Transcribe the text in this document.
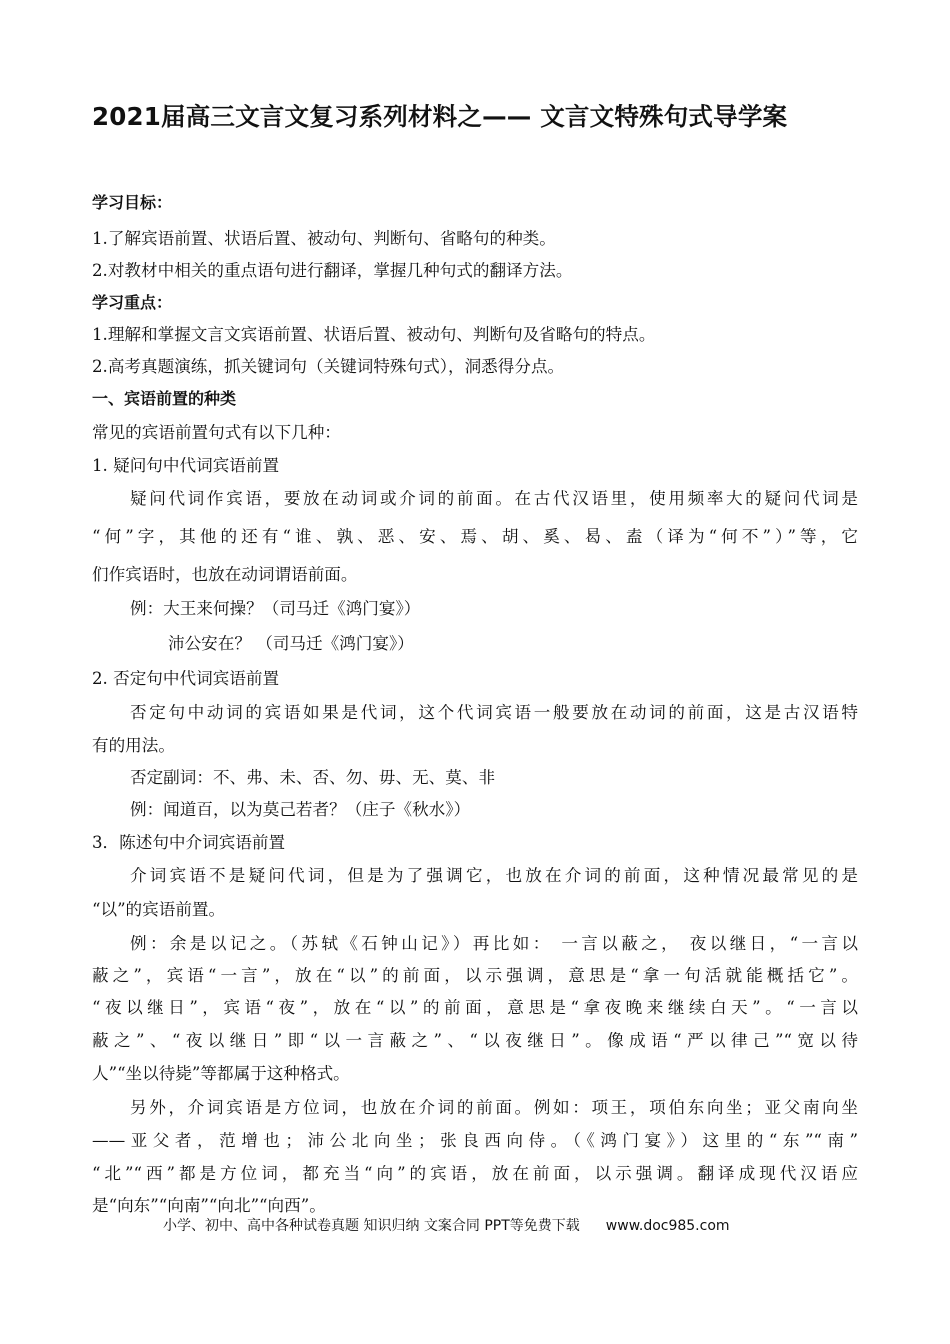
2021届高三文言文复习系列材料之—— 文言文特殊句式导学案
学习目标：
1.了解宾语前置、状语后置、被动句、判断句、省略句的种类。
2.对教材中相关的重点语句进行翻译，掌握几种句式的翻译方法。
学习重点：
1.理解和掌握文言文宾语前置、状语后置、被动句、判断句及省略句的特点。
2.高考真题演练，抓关键词句（关键词特殊句式），洞悉得分点。
一、宾语前置的种类
常见的宾语前置句式有以下几种：
1. 疑问句中代词宾语前置
疑问代词作宾语，要放在动词或介词的前面。在古代汉语里，使用频率大的疑问代词是
“何”字，其他的还有“谁、孰、恶、安、焉、胡、奚、曷、盍（译为“何不”）”等，它
们作宾语时，也放在动词谓语前面。
例：大王来何操？（司马迁《鸿门宴》）
沛公安在？ （司马迁《鸿门宴》）
2. 否定句中代词宾语前置
否定句中动词的宾语如果是代词，这个代词宾语一般要放在动词的前面，这是古汉语特
有的用法。
否定副词：不、弗、未、否、勿、毋、无、莫、非
例：闻道百，以为莫己若者？（庄子《秋水》）
3．陈述句中介词宾语前置
介词宾语不是疑问代词，但是为了强调它，也放在介词的前面，这种情况最常见的是
“以”的宾语前置。
例：余是以记之。（苏轼《石钟山记》）再比如： 一言以蔽之， 夜以继日，“一言以
蔽之”，宾语“一言”，放在“以”的前面，以示强调，意思是“拿一句活就能概括它”。
“夜以继日”，宾语“夜”，放在“以”的前面，意思是“拿夜晚来继续白天”。“一言以
蔽之”、“夜以继日”即“以一言蔽之”、“以夜继日”。像成语“严以律己”“宽以待
人”“坐以待毙”等都属于这种格式。
另外，介词宾语是方位词，也放在介词的前面。例如：项王，项伯东向坐；亚父南向坐
——亚父者，范增也；沛公北向坐；张良西向侍。（《鸿门宴》）这里的“东”“南”
“北”“西”都是方位词，都充当“向”的宾语，放在前面，以示强调。翻译成现代汉语应
是“向东”“向南”“向北”“向西”。
小学、初中、高中各种试卷真题 知识归纳 文案合同 PPT等免费下载 www.doc985.com
